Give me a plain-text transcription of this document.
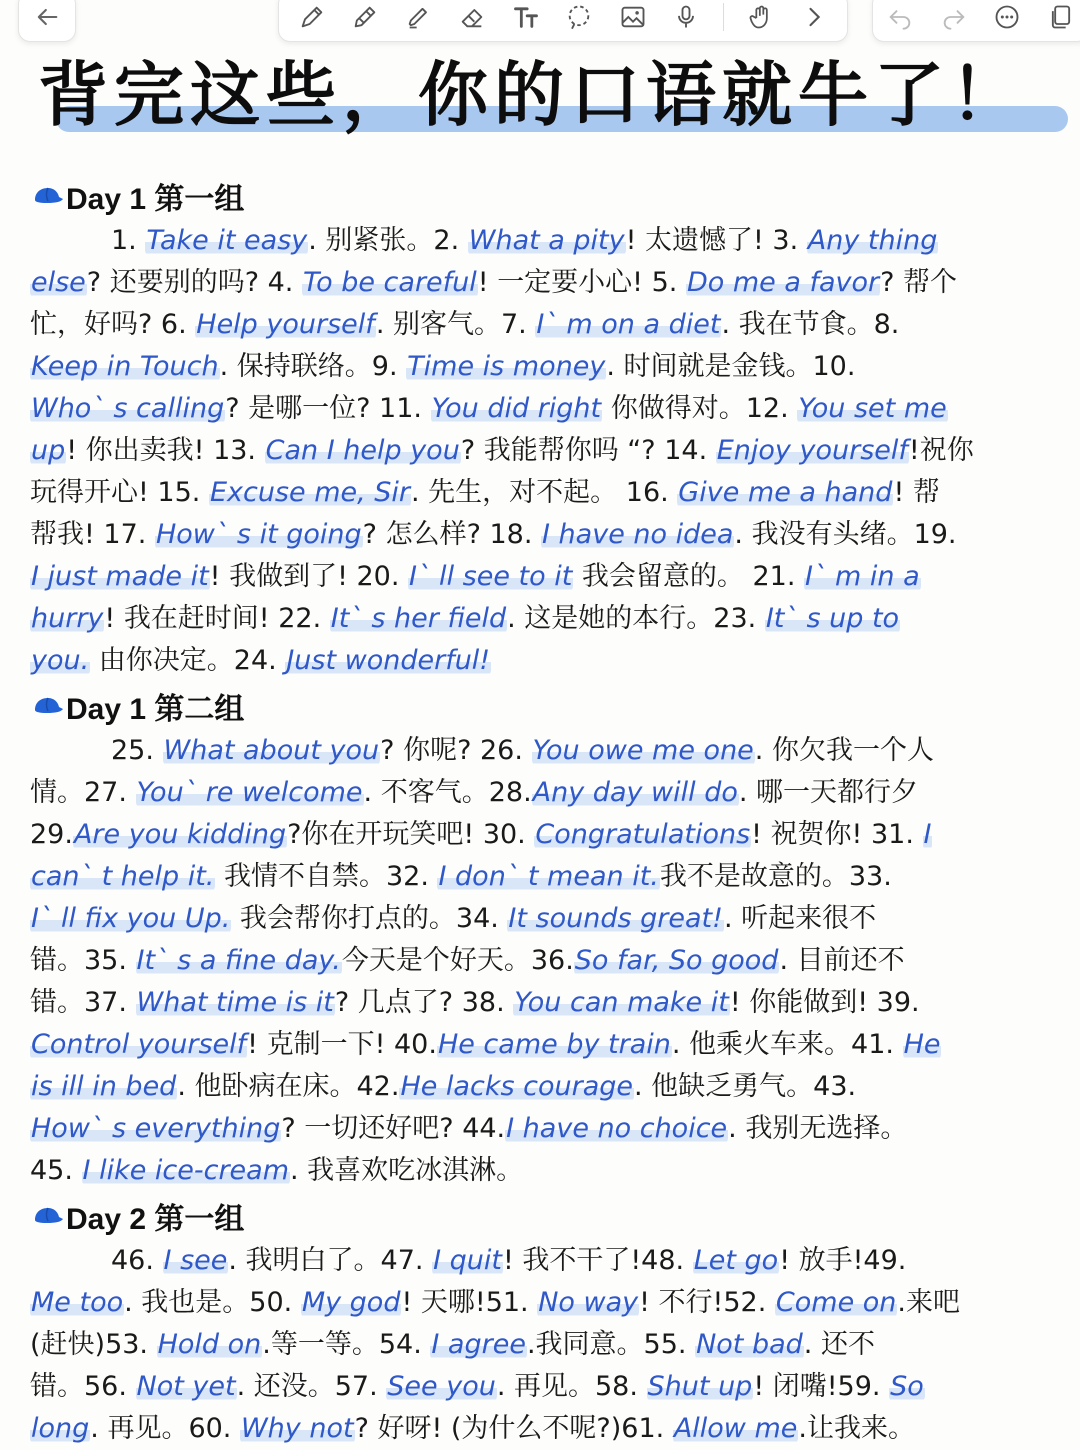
背完这些，你的口语就牛了！
Day 1 第一组
　　　1. Take it easy. 别紧张。2. What a pity! 太遗憾了! 3. Any thing
else? 还要别的吗? 4. To be careful! 一定要小心! 5. Do me a favor? 帮个
忙，好吗? 6. Help yourself. 别客气。7. I` m on a diet. 我在节食。8.
Keep in Touch. 保持联络。9. Time is money. 时间就是金钱。10.
Who` s calling? 是哪一位? 11. You did right 你做得对。12. You set me
up! 你出卖我! 13. Can I help you? 我能帮你吗 “? 14. Enjoy yourself!祝你
玩得开心! 15. Excuse me, Sir. 先生，对不起。 16. Give me a hand! 帮
帮我! 17. How` s it going? 怎么样? 18. I have no idea. 我没有头绪。19.
I just made it! 我做到了! 20. I` ll see to it 我会留意的。 21. I` m in a
hurry! 我在赶时间! 22. It` s her field. 这是她的本行。23. It` s up to
you. 由你决定。24. Just wonderful!
Day 1 第二组
　　　25. What about you? 你呢? 26. You owe me one. 你欠我一个人
情。27. You` re welcome. 不客气。28.Any day will do. 哪一天都行夕
29.Are you kidding?你在开玩笑吧! 30. Congratulations! 祝贺你! 31. I
can` t help it. 我情不自禁。32. I don` t mean it.我不是故意的。33.
I` ll fix you Up. 我会帮你打点的。34. It sounds great!. 听起来很不
错。35. It` s a fine day.今天是个好天。36.So far, So good. 目前还不
错。37. What time is it? 几点了? 38. You can make it! 你能做到! 39.
Control yourself! 克制一下! 40.He came by train. 他乘火车来。41. He
is ill in bed. 他卧病在床。42.He lacks courage. 他缺乏勇气。43.
How` s everything? 一切还好吧? 44.I have no choice. 我别无选择。
45. I like ice-cream. 我喜欢吃冰淇淋。
Day 2 第一组
　　　46. I see. 我明白了。47. I quit! 我不干了!48. Let go! 放手!49.
Me too. 我也是。50. My god! 天哪!51. No way! 不行!52. Come on.来吧
(赶快)53. Hold on.等一等。54. I agree.我同意。55. Not bad. 还不
错。56. Not yet. 还没。57. See you. 再见。58. Shut up! 闭嘴!59. So
long. 再见。60. Why not? 好呀! (为什么不呢?)61. Allow me.让我来。
